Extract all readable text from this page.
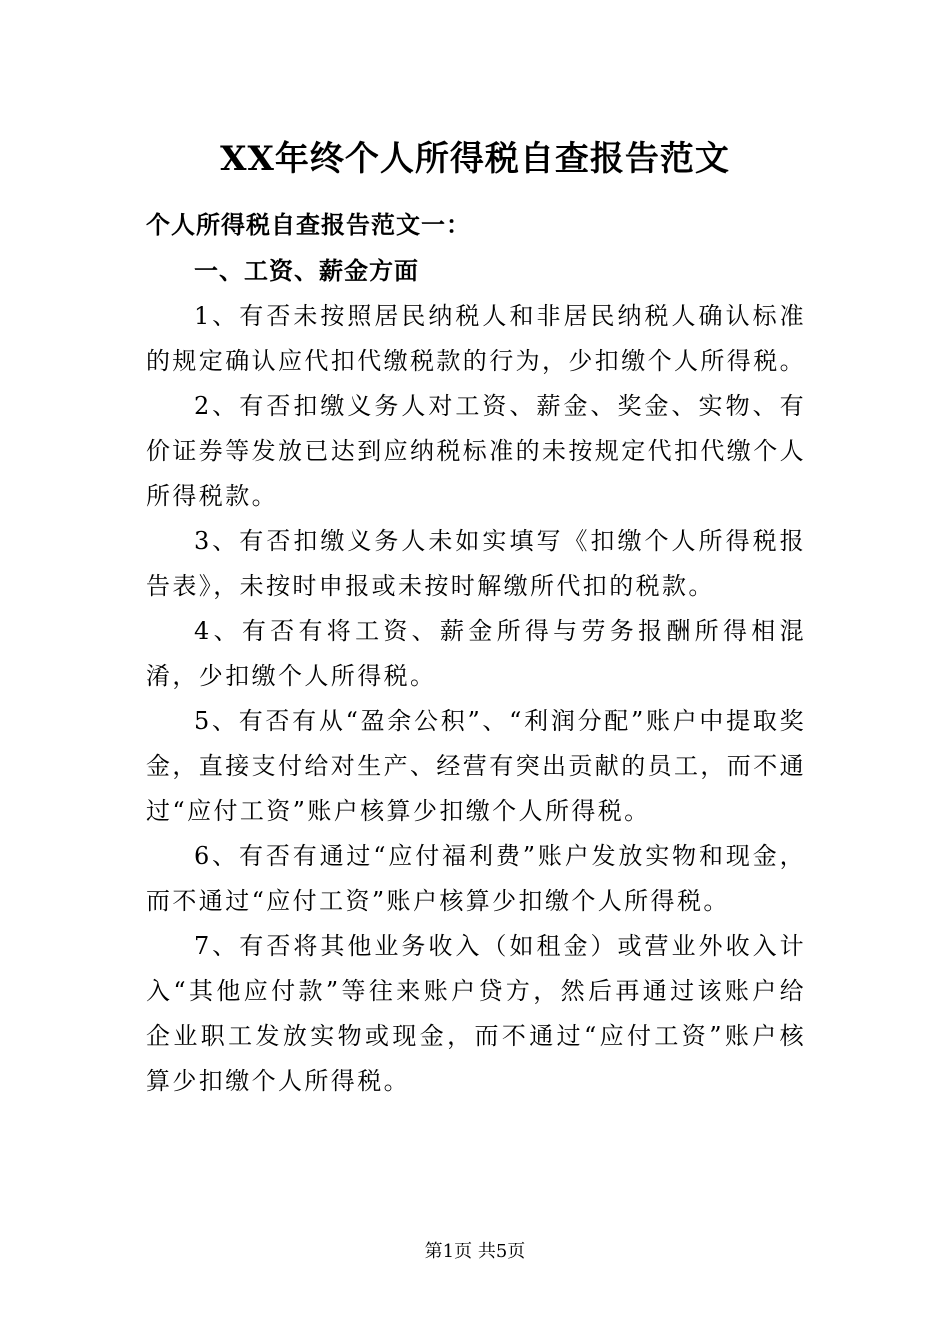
XX年终个人所得税自查报告范文

个人所得税自查报告范文一：

一、工资、薪金方面

1、有否未按照居民纳税人和非居民纳税人确认标准的规定确认应代扣代缴税款的行为，少扣缴个人所得税。

2、有否扣缴义务人对工资、薪金、奖金、实物、有价证券等发放已达到应纳税标准的未按规定代扣代缴个人所得税款。

3、有否扣缴义务人未如实填写《扣缴个人所得税报告表》，未按时申报或未按时解缴所代扣的税款。

4、有否有将工资、薪金所得与劳务报酬所得相混淆，少扣缴个人所得税。

5、有否有从“盈余公积”、“利润分配”账户中提取奖金，直接支付给对生产、经营有突出贡献的员工，而不通过“应付工资”账户核算少扣缴个人所得税。

6、有否有通过“应付福利费”账户发放实物和现金，而不通过“应付工资”账户核算少扣缴个人所得税。

7、有否将其他业务收入（如租金）或营业外收入计入“其他应付款”等往来账户贷方，然后再通过该账户给企业职工发放实物或现金，而不通过“应付工资”账户核算少扣缴个人所得税。

第1页 共5页
